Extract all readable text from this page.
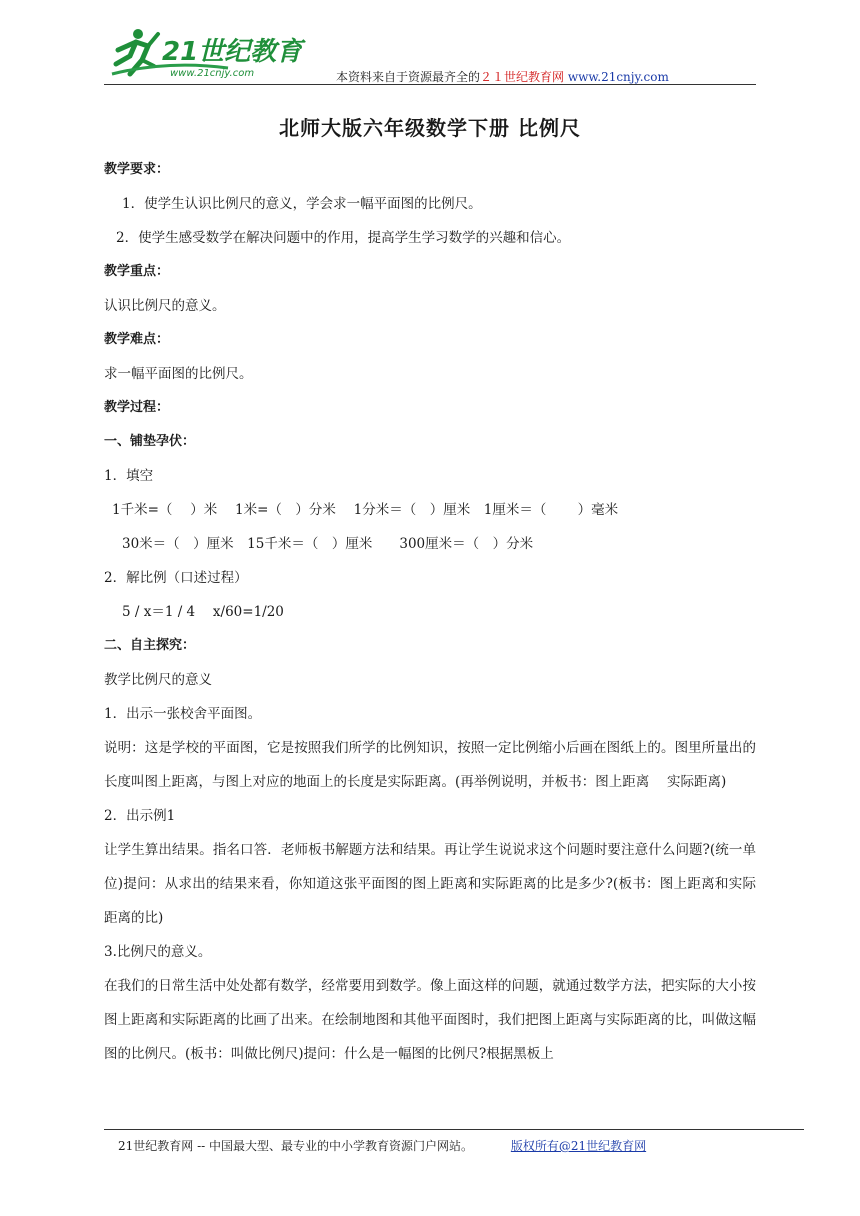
21世纪教育
www.21cnjy.com	本资料来自于资源最齐全的２１世纪教育网 www.21cnjy.com
北师大版六年级数学下册 比例尺

教学要求：

1．使学生认识比例尺的意义，学会求一幅平面图的比例尺。

2．使学生感受数学在解决问题中的作用，提高学生学习数学的兴趣和信心。

教学重点：

认识比例尺的意义。

教学难点：

求一幅平面图的比例尺。

教学过程：

一、铺垫孕伏：

1．填空

1千米=（　 ）米　 1米=（　）分米　 1分米＝（　）厘米　1厘米＝（　　 ）毫米

30米＝（　）厘米　15千米＝（　）厘米　　300厘米＝（　）分米

2．解比例（口述过程）

5 / x＝1 / 4　 x/60=1/20

二、自主探究：

教学比例尺的意义

1．出示一张校舍平面图。

说明：这是学校的平面图，它是按照我们所学的比例知识，按照一定比例缩小后画在图纸上的。图里所量出的长度叫图上距离，与图上对应的地面上的长度是实际距离。(再举例说明，并板书：图上距离　 实际距离)

2．出示例1

让学生算出结果。指名口答．老师板书解题方法和结果。再让学生说说求这个问题时要注意什么问题?(统一单位)提问：从求出的结果来看，你知道这张平面图的图上距离和实际距离的比是多少?(板书：图上距离和实际距离的比)

3.比例尺的意义。

在我们的日常生活中处处都有数学，经常要用到数学。像上面这样的问题，就通过数学方法，把实际的大小按图上距离和实际距离的比画了出来。在绘制地图和其他平面图时，我们把图上距离与实际距离的比，叫做这幅图的比例尺。(板书：叫做比例尺)提问：什么是一幅图的比例尺?根据黑板上

21世纪教育网 -- 中国最大型、最专业的中小学教育资源门户网站。	版权所有@21世纪教育网
